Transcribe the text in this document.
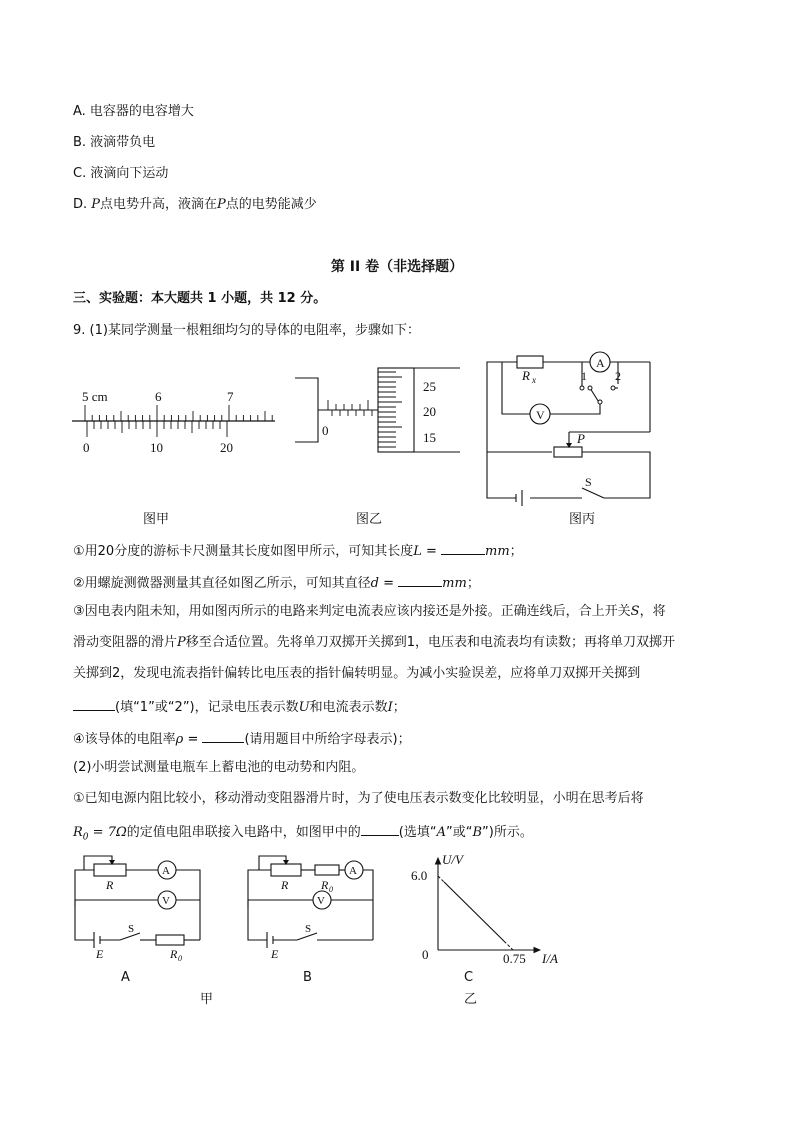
A. 电容器的电容增大
B. 液滴带负电
C. 液滴向下运动
D. P点电势升高，液滴在P点的电势能减少
第 II 卷（非选择题）
三、实验题：本大题共 1 小题，共 12 分。
9. (1)某同学测量一根粗细均匀的导体的电阻率，步骤如下：
5 cm	6	7
0	10	20
图甲
25
20
15
0
图乙
A
V
R x	1 2
P
S
图丙
①用20分度的游标卡尺测量其长度如图甲所示，可知其长度L =	mm；
②用螺旋测微器测量其直径如图乙所示，可知其直径d =	mm；
③因电表内阻未知，用如图丙所示的电路来判定电流表应该内接还是外接。正确连线后，合上开关S，将
滑动变阻器的滑片P移至合适位置。先将单刀双掷开关掷到1，电压表和电流表均有读数；再将单刀双掷开
关掷到2，发现电流表指针偏转比电压表的指针偏转明显。为减小实验误差，应将单刀双掷开关掷到
(填“1”或“2”)，记录电压表示数U和电流表示数I；
④该导体的电阻率ρ =	(请用题目中所给字母表示)；
(2)小明尝试测量电瓶车上蓄电池的电动势和内阻。
①已知电源内阻比较小，移动滑动变阻器滑片时，为了使电压表示数变化比较明显，小明在思考后将
$R_0 = 7\Omega$的定值电阻串联接入电路中，如图甲中的	(选填“A”或“B”)所示。
A
V
R
E
S
R 0
A
A
V
R	R 0
E
S
B
甲
U/V
I/A
0
6.0
0.75
C
乙
